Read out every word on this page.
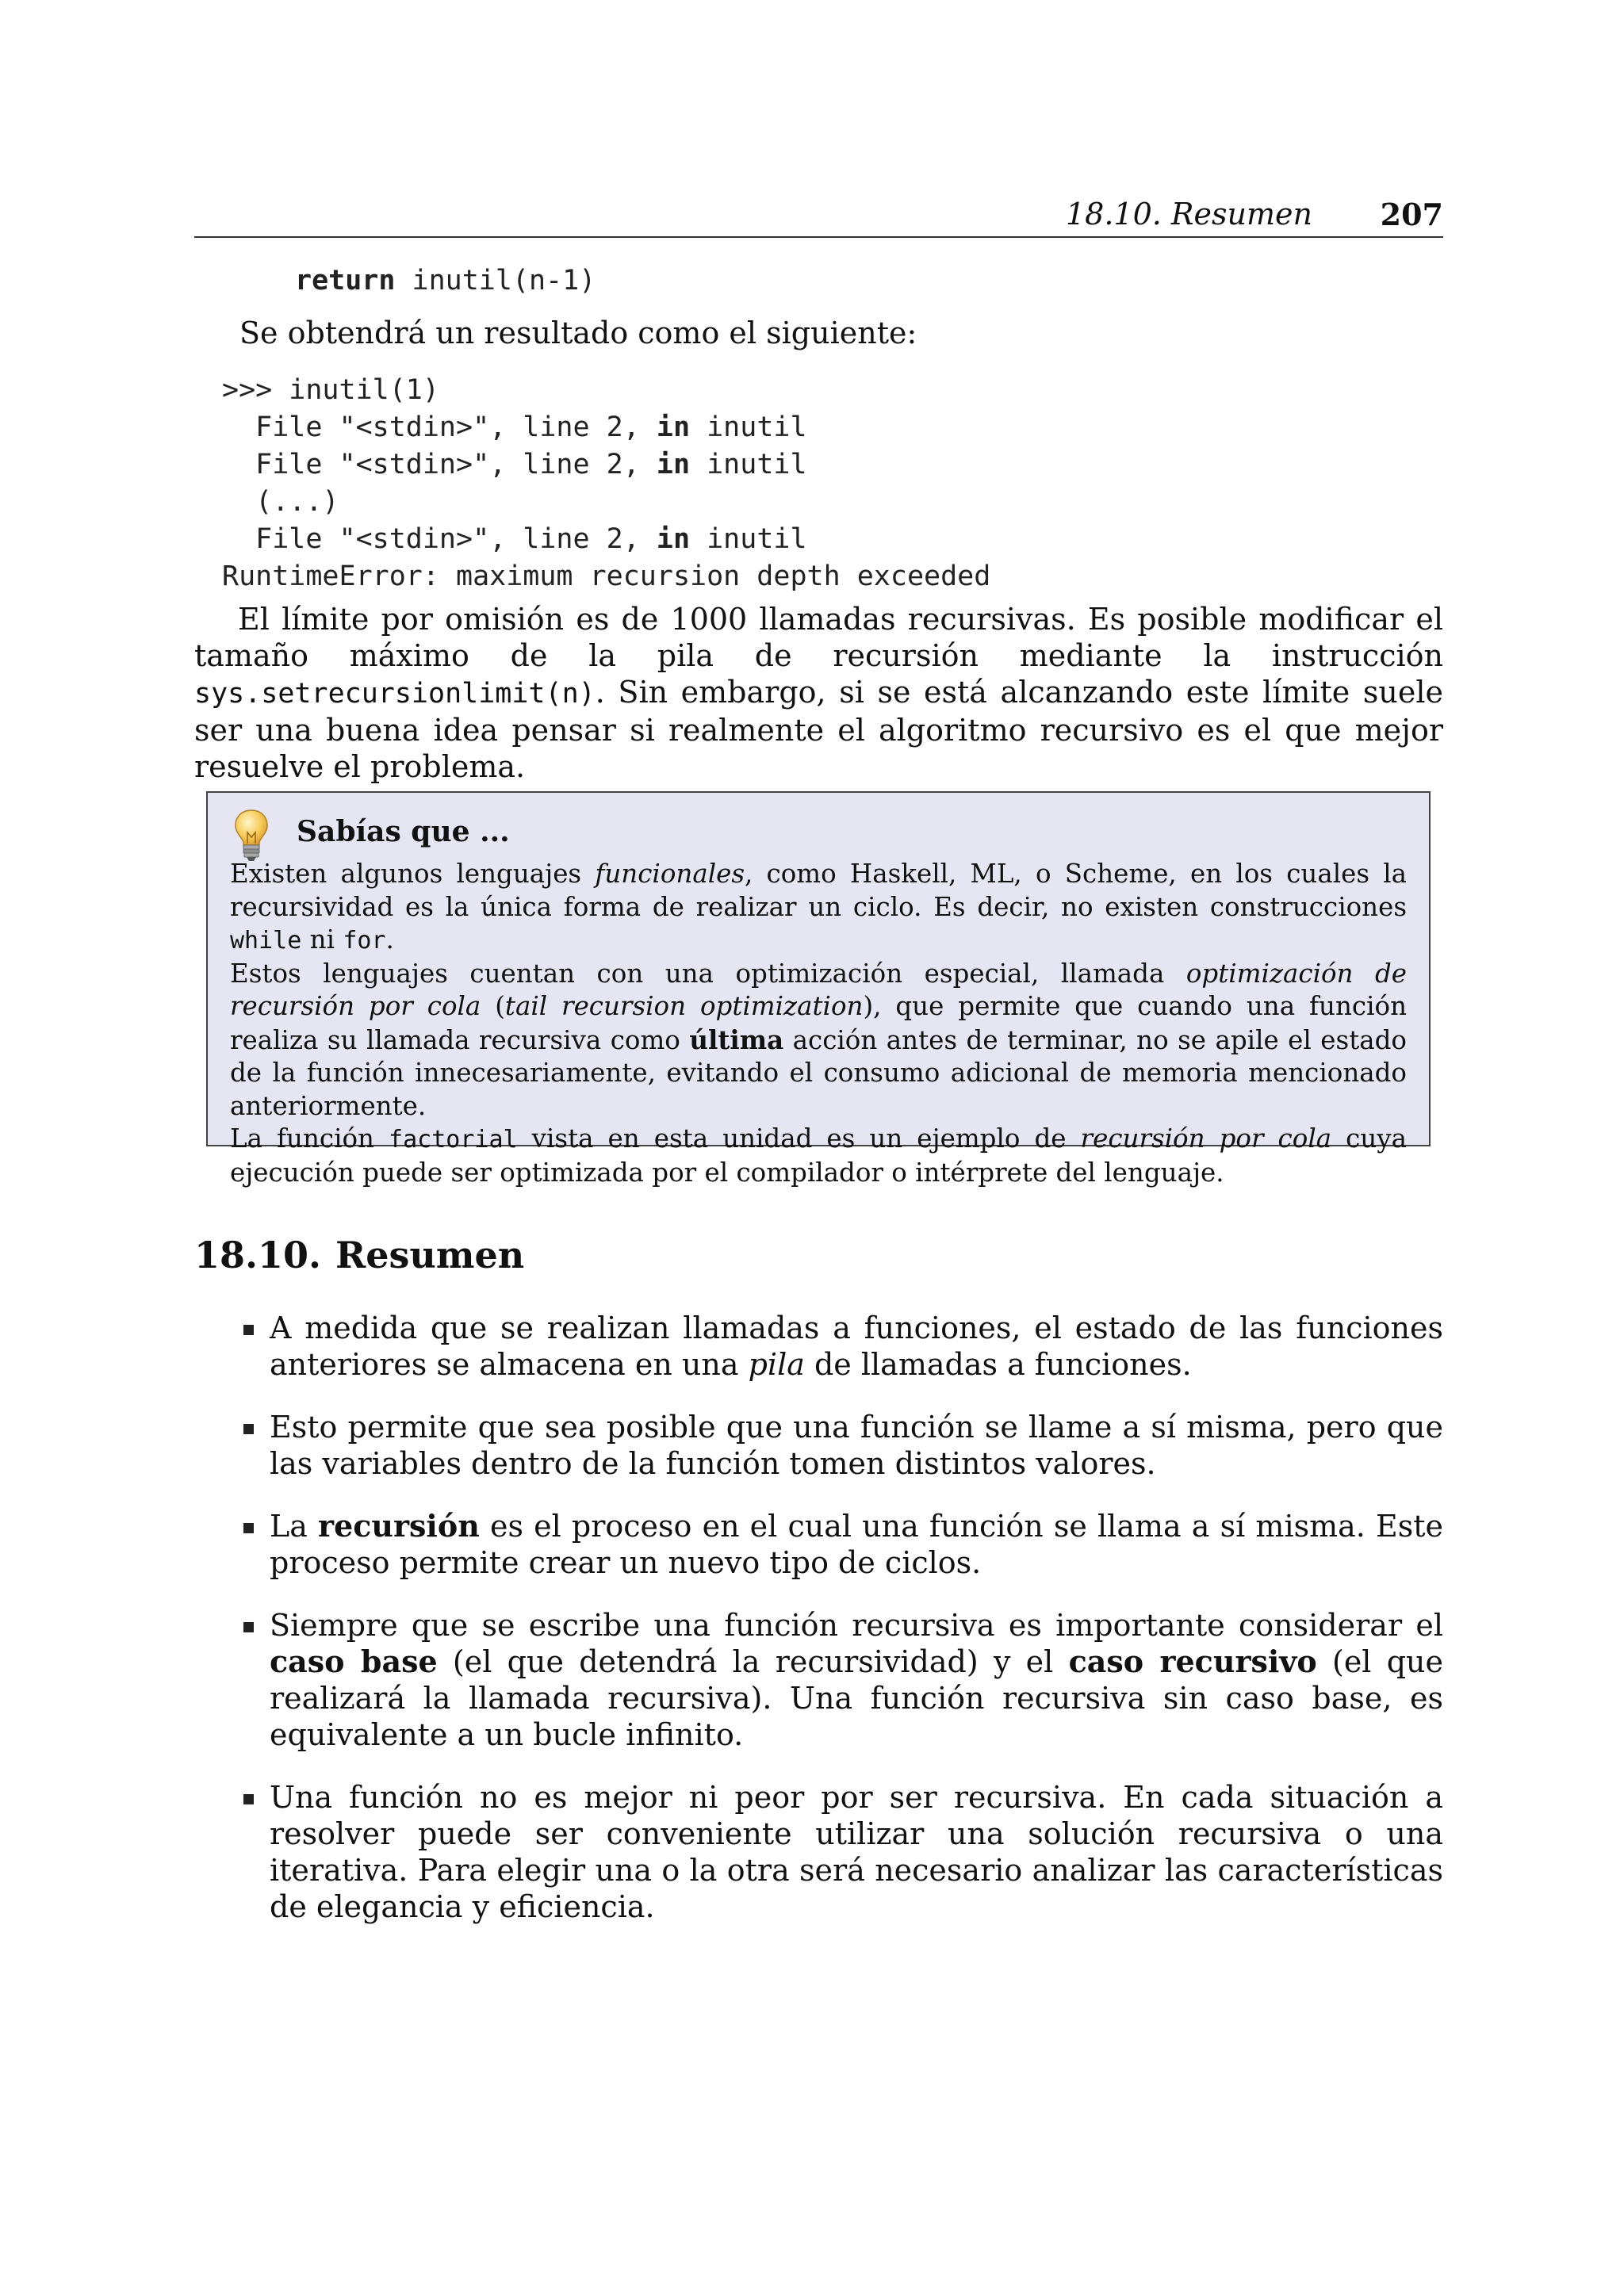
18.10. Resumen 207
return inutil(n-1)
Se obtendrá un resultado como el siguiente:
>>> inutil(1)
File "<stdin>", line 2, in inutil
File "<stdin>", line 2, in inutil
(...)
File "<stdin>", line 2, in inutil
RuntimeError: maximum recursion depth exceeded

El límite por omisión es de 1000 llamadas recursivas. Es posible modificar el tamaño máximo de la pila de recursión mediante la instrucción sys.setrecursionlimit(n). Sin embargo, si se está alcanzando este límite suele ser una buena idea pensar si realmente el algoritmo recursivo es el que mejor resuelve el problema.

Sabías que ...

Existen algunos lenguajes funcionales, como Haskell, ML, o Scheme, en los cuales la recursividad es la única forma de realizar un ciclo. Es decir, no existen construcciones while ni for.

Estos lenguajes cuentan con una optimización especial, llamada optimización de recursión por cola (tail recursion optimization), que permite que cuando una función realiza su llamada recursiva como última acción antes de terminar, no se apile el estado de la función innecesariamente, evitando el consumo adicional de memoria mencionado anteriormente.

La función factorial vista en esta unidad es un ejemplo de recursión por cola cuya ejecución puede ser optimizada por el compilador o intérprete del lenguaje.

18.10. Resumen
A medida que se realizan llamadas a funciones, el estado de las funciones anteriores se almacena en una pila de llamadas a funciones.
Esto permite que sea posible que una función se llame a sí misma, pero que las variables dentro de la función tomen distintos valores.
La recursión es el proceso en el cual una función se llama a sí misma. Este proceso permite crear un nuevo tipo de ciclos.
Siempre que se escribe una función recursiva es importante considerar el caso base (el que detendrá la recursividad) y el caso recursivo (el que realizará la llamada recursiva). Una función recursiva sin caso base, es equivalente a un bucle infinito.
Una función no es mejor ni peor por ser recursiva. En cada situación a resolver puede ser conveniente utilizar una solución recursiva o una iterativa. Para elegir una o la otra será necesario analizar las características de elegancia y eficiencia.
